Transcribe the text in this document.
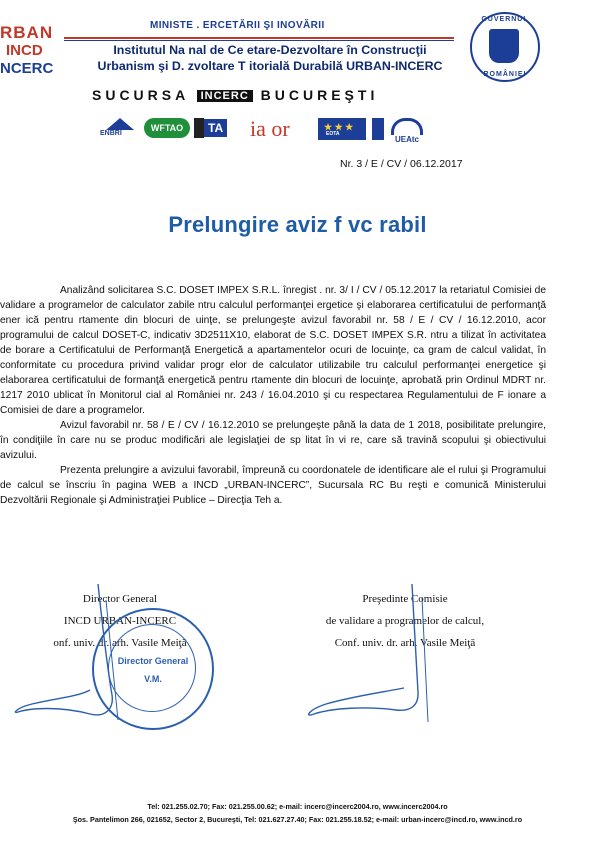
RBAN
INCD
NCERC
MINISTE . ERCETĂRII ŞI INOVĂRII
Institutul Na nal de Ce etare-Dezvoltare în Construcţii
Urbanism şi D. zvoltare T itorială Durabilă URBAN-INCERC
SUCURSA INCERC BUCUREŞTI
GUVERNUL
ROMÂNIEI
ENBRI
WFTAO	TA	ia or	★ ★ ★
EOTA
UEAtc
Nr. 3 / E / CV / 06.12.2017
Prelungire aviz f vc rabil

Analizând solicitarea S.C. DOSET IMPEX S.R.L. înregist . nr. 3/ I / CV / 05.12.2017 la retariatul Comisiei de validare a programelor de calculator zabile ntru calculul performanţei ergetice şi elaborarea certificatului de performanţă ener ică pentru rtamente din blocuri de uinţe, se prelungeşte avizul favorabil nr. 58 / E / CV / 16.12.2010, acor programului de calcul DOSET-C, indicativ 3D2511X10, elaborat de S.C. DOSET IMPEX S.R. ntru a tilizat în activitatea de borare a Certificatului de Performanţă Energetică a apartamentelor ocuri de locuinţe, ca gram de calcul validat, în conformitate cu procedura privind validar progr elor de calculator utilizabile tru calculul performanţei energetice şi elaborarea certificatului de formanţă energetică pentru rtamente din blocuri de locuinţe, aprobată prin Ordinul MDRT nr. 1217 2010 ublicat în Monitorul cial al României nr. 243 / 16.04.2010 şi cu respectarea Regulamentului de F ionare a Comisiei de dare a programelor.

Avizul favorabil nr. 58 / E / CV / 16.12.2010 se prelungeşte până la data de 1 2018, posibilitate prelungire, în condiţiile în care nu se produc modificări ale legislaţiei de sp litat în vi re, care să travină scopului şi obiectivului avizului.

Prezenta prelungire a avizului favorabil, împreună cu coordonatele de identificare ale el rului şi Programului de calcul se înscriu în pagina WEB a INCD „URBAN-INCERC”, Sucursala RC Bu reşti e comunică Ministerului Dezvoltării Regionale şi Administraţiei Publice – Direcţia Teh a.

Director General
INCD URBAN-INCERC
onf. univ. dr. arh. Vasile Meiţă
Director General
V.M.
Preşedinte Comisie
de validare a programelor de calcul,
Conf. univ. dr. arh. Vasile Meiţă
Tel: 021.255.02.70; Fax: 021.255.00.62; e-mail: incerc@incerc2004.ro, www.incerc2004.ro
Şos. Pantelimon 266, 021652, Sector 2, Bucureşti, Tel: 021.627.27.40; Fax: 021.255.18.52; e-mail: urban-incerc@incd.ro, www.incd.ro
